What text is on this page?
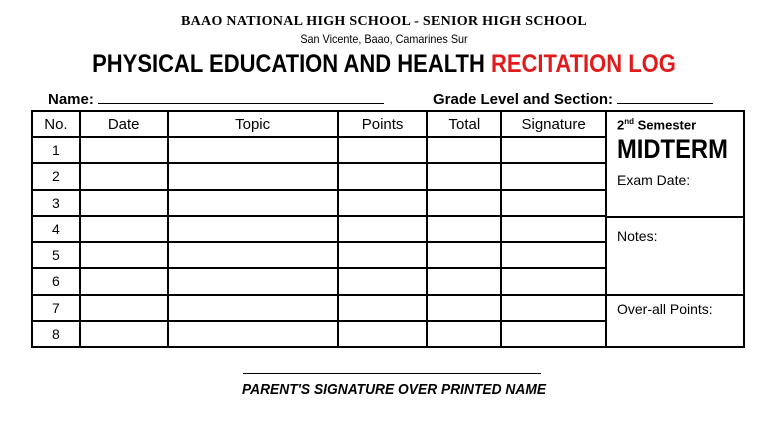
BAAO NATIONAL HIGH SCHOOL - SENIOR HIGH SCHOOL
San Vicente, Baao, Camarines Sur
PHYSICAL EDUCATION AND HEALTH RECITATION LOG
Name:	Grade Level and Section:
No.	Date	Topic	Points	Total	Signature
1					
2					
3					
4					
5					
6					
7					
8					
2nd Semester
MIDTERM
Exam Date:
Notes:
Over-all Points:
PARENT'S SIGNATURE OVER PRINTED NAME
